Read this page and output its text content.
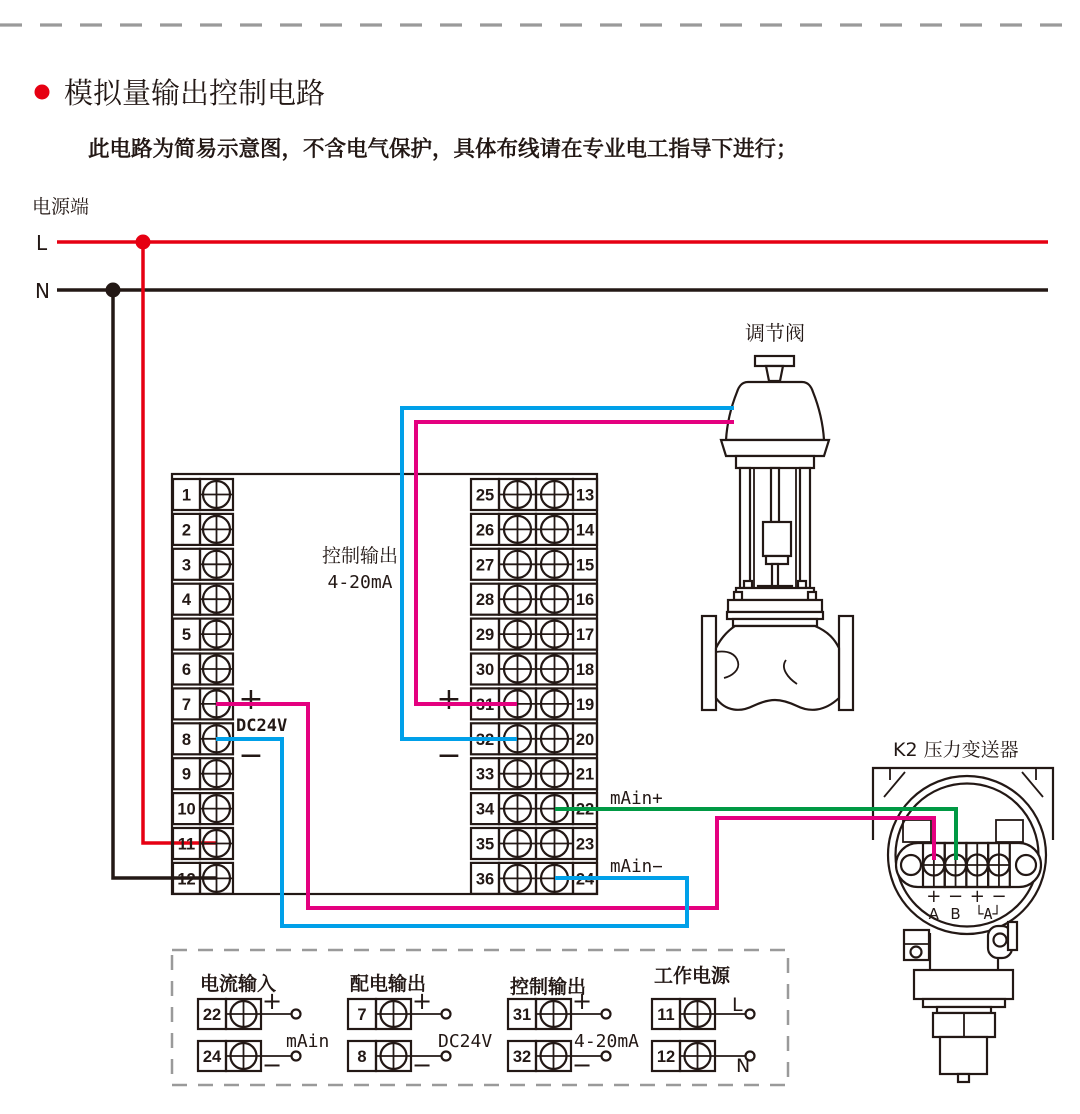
模拟量输出控制电路
此电路为简易示意图，不含电气保护，具体布线请在专业电工指导下进行；
电源端
L
N
1
2
3
4
5
6
7
8
9
10
11
12
25	13
26	14
27	15
28	16
29	17
30	18
31	19
32	20
33	21
34	22
35	23
36	24
控制输出
4-20mA
+
DC24V
−
+
−
调节阀
K2 压力变送器
+ − + −
A B └A┘
mAin+
mAin−
电流输入
22
24
+
−
mAin
配电输出
7
8
+
−
DC24V
控制输出
31
32
+
−
4-20mA
工作电源
11
12
L
N
